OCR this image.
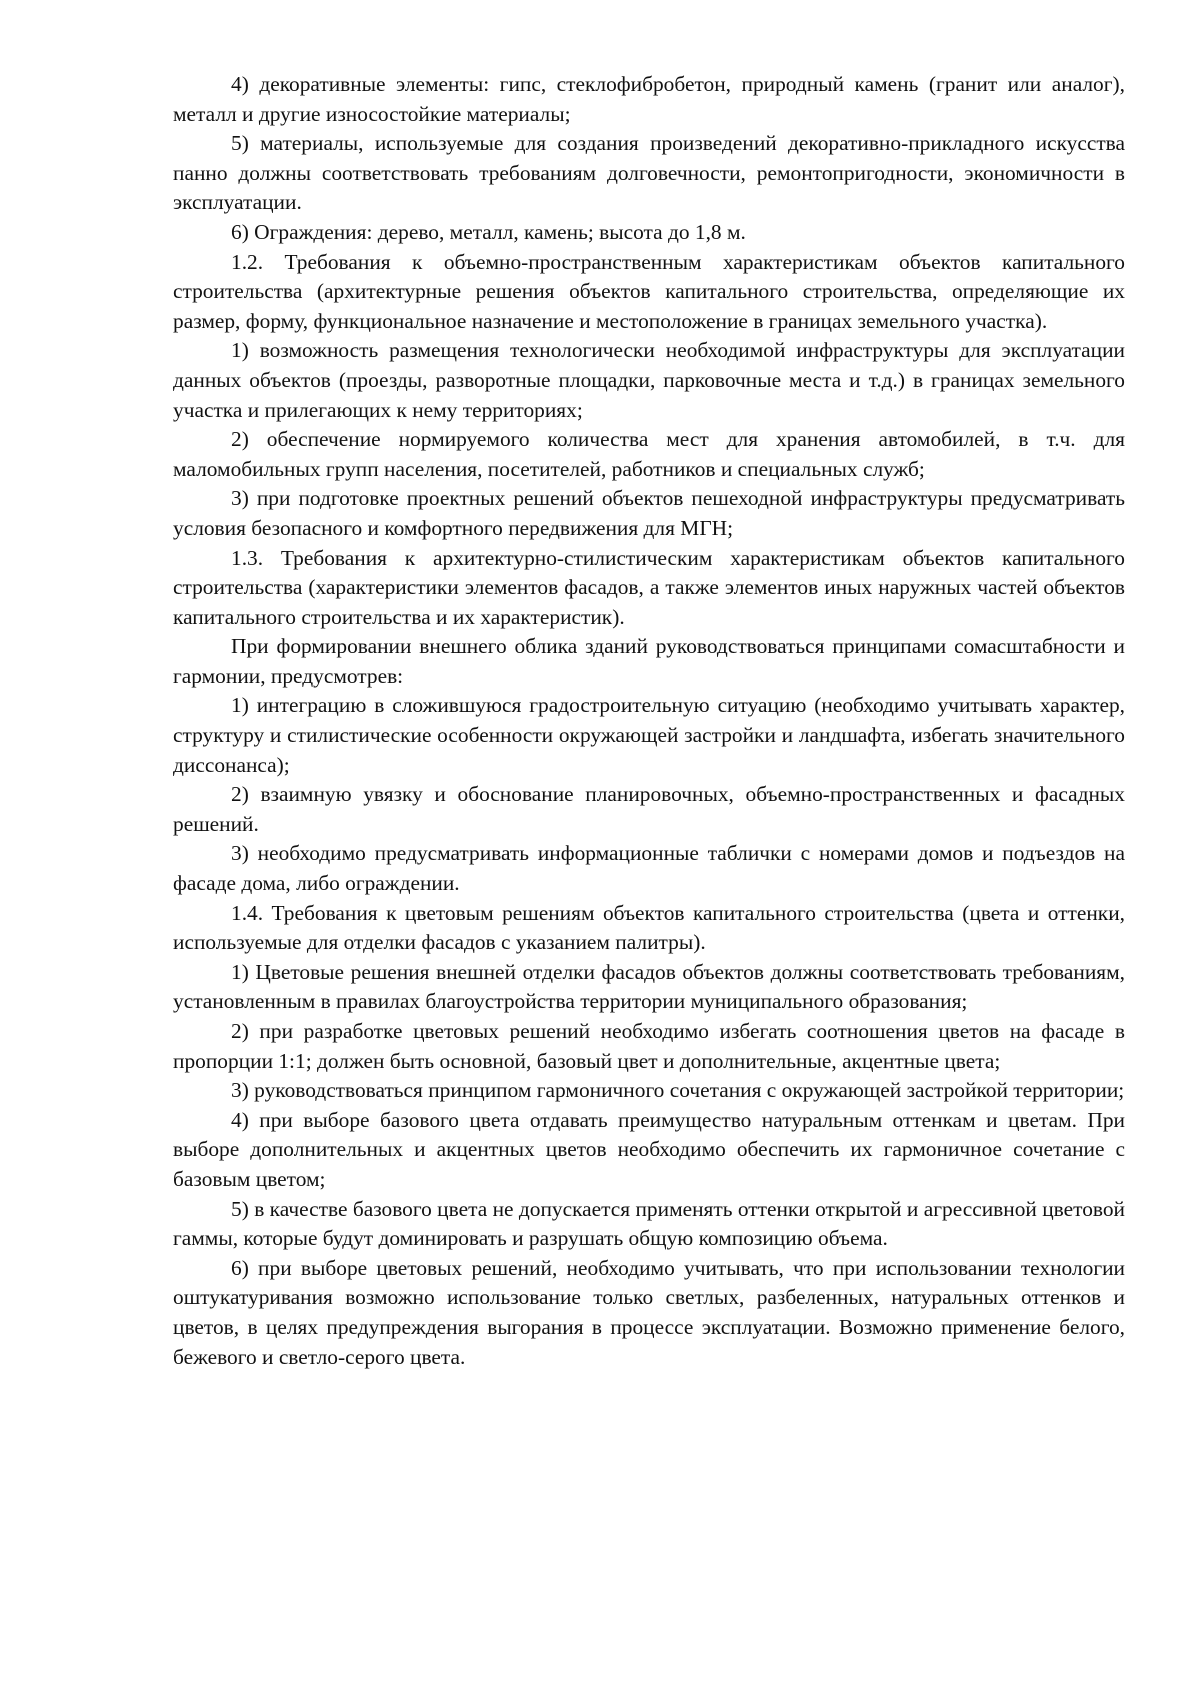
4) декоративные элементы: гипс, стеклофибробетон, природный камень (гранит или аналог), металл и другие износостойкие материалы;

5) материалы, используемые для создания произведений декоративно-прикладного искусства панно должны соответствовать требованиям долговечности, ремонтопригодности, экономичности в эксплуатации.

6) Ограждения: дерево, металл, камень; высота до 1,8 м.

1.2. Требования к объемно-пространственным характеристикам объектов капитального строительства (архитектурные решения объектов капитального строительства, определяющие их размер, форму, функциональное назначение и местоположение в границах земельного участка).

1) возможность размещения технологически необходимой инфраструктуры для эксплуатации данных объектов (проезды, разворотные площадки, парковочные места и т.д.) в границах земельного участка и прилегающих к нему территориях;

2) обеспечение нормируемого количества мест для хранения автомобилей, в т.ч. для маломобильных групп населения, посетителей, работников и специальных служб;

3) при подготовке проектных решений объектов пешеходной инфраструктуры предусматривать условия безопасного и комфортного передвижения для МГН;

1.3. Требования к архитектурно-стилистическим характеристикам объектов капитального строительства (характеристики элементов фасадов, а также элементов иных наружных частей объектов капитального строительства и их характеристик).

При формировании внешнего облика зданий руководствоваться принципами сомасштабности и гармонии, предусмотрев:

1) интеграцию в сложившуюся градостроительную ситуацию (необходимо учитывать характер, структуру и стилистические особенности окружающей застройки и ландшафта, избегать значительного диссонанса);

2) взаимную увязку и обоснование планировочных, объемно-пространственных и фасадных решений.

3) необходимо предусматривать информационные таблички с номерами домов и подъездов на фасаде дома, либо ограждении.

1.4. Требования к цветовым решениям объектов капитального строительства (цвета и оттенки, используемые для отделки фасадов с указанием палитры).

1) Цветовые решения внешней отделки фасадов объектов должны соответствовать требованиям, установленным в правилах благоустройства территории муниципального образования;

2) при разработке цветовых решений необходимо избегать соотношения цветов на фасаде в пропорции 1:1; должен быть основной, базовый цвет и дополнительные, акцентные цвета;

3) руководствоваться принципом гармоничного сочетания с окружающей застройкой территории;

4) при выборе базового цвета отдавать преимущество натуральным оттенкам и цветам. При выборе дополнительных и акцентных цветов необходимо обеспечить их гармоничное сочетание с базовым цветом;

5) в качестве базового цвета не допускается применять оттенки открытой и агрессивной цветовой гаммы, которые будут доминировать и разрушать общую композицию объема.

6) при выборе цветовых решений, необходимо учитывать, что при использовании технологии оштукатуривания возможно использование только светлых, разбеленных, натуральных оттенков и цветов, в целях предупреждения выгорания в процессе эксплуатации. Возможно применение белого, бежевого и светло-серого цвета.
